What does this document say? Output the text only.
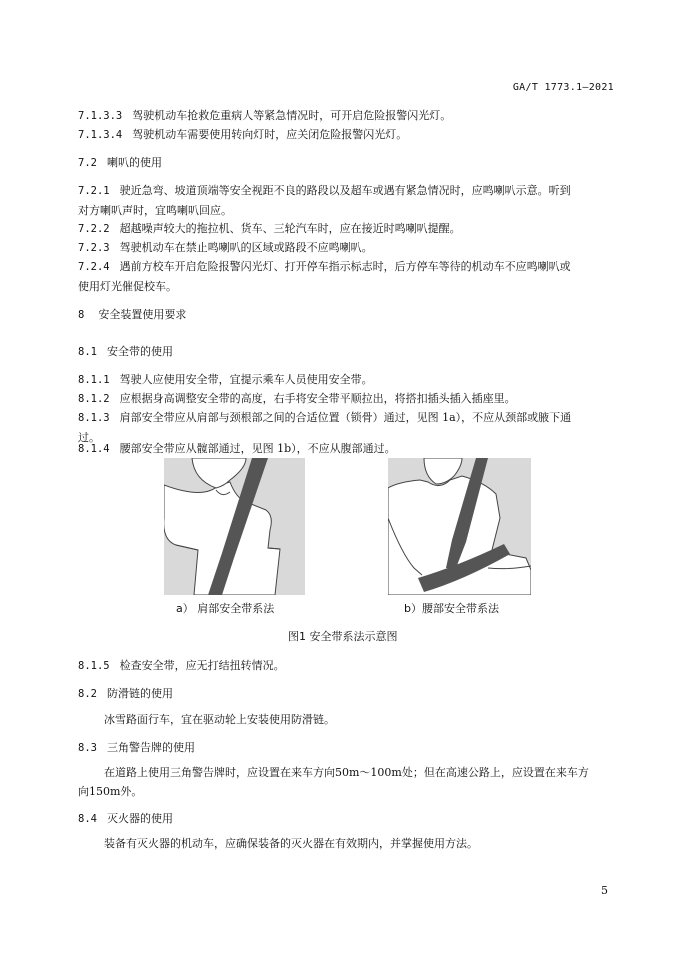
GA/T 1773.1—2021
7.1.3.3 驾驶机动车抢救危重病人等紧急情况时，可开启危险报警闪光灯。
7.1.3.4 驾驶机动车需要使用转向灯时，应关闭危险报警闪光灯。
7.2 喇叭的使用
7.2.1 驶近急弯、坡道顶端等安全视距不良的路段以及超车或遇有紧急情况时，应鸣喇叭示意。听到
对方喇叭声时，宜鸣喇叭回应。
7.2.2 超越噪声较大的拖拉机、货车、三轮汽车时，应在接近时鸣喇叭提醒。
7.2.3 驾驶机动车在禁止鸣喇叭的区域或路段不应鸣喇叭。
7.2.4 遇前方校车开启危险报警闪光灯、打开停车指示标志时，后方停车等待的机动车不应鸣喇叭或
使用灯光催促校车。
8 安全装置使用要求
8.1 安全带的使用
8.1.1 驾驶人应使用安全带，宜提示乘车人员使用安全带。
8.1.2 应根据身高调整安全带的高度，右手将安全带平顺拉出，将搭扣插头插入插座里。
8.1.3 肩部安全带应从肩部与颈根部之间的合适位置（锁骨）通过，见图 1a），不应从颈部或腋下通
过。
8.1.4 腰部安全带应从髋部通过，见图 1b），不应从腹部通过。
a） 肩部安全带系法	b）腰部安全带系法
图1 安全带系法示意图
8.1.5 检查安全带，应无打结扭转情况。
8.2 防滑链的使用
冰雪路面行车，宜在驱动轮上安装使用防滑链。
8.3 三角警告牌的使用
在道路上使用三角警告牌时，应设置在来车方向50m～100m处；但在高速公路上，应设置在来车方
向150m外。
8.4 灭火器的使用
装备有灭火器的机动车，应确保装备的灭火器在有效期内，并掌握使用方法。
5
